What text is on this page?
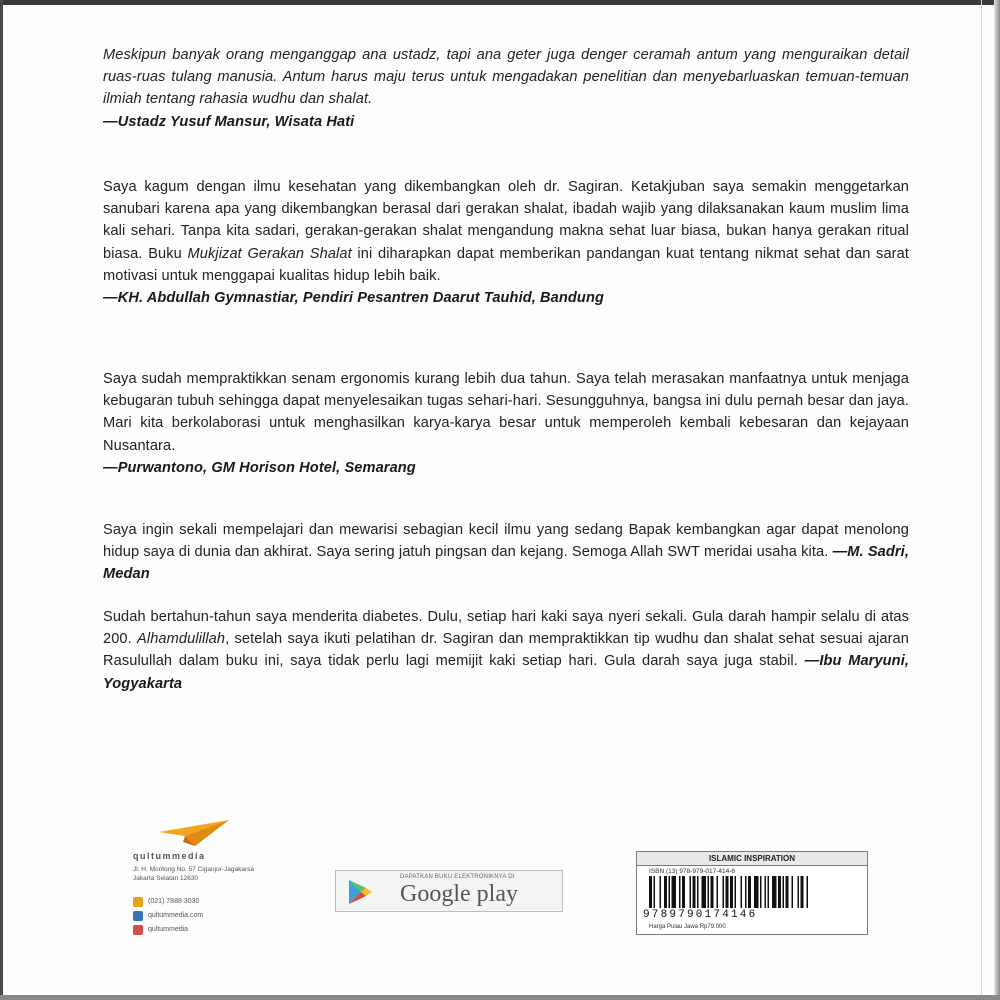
Meskipun banyak orang menganggap ana ustadz, tapi ana geter juga denger ceramah antum yang menguraikan detail ruas-ruas tulang manusia. Antum harus maju terus untuk mengadakan penelitian dan menyebarluaskan temuan-temuan ilmiah tentang rahasia wudhu dan shalat.

—Ustadz Yusuf Mansur, Wisata Hati

Saya kagum dengan ilmu kesehatan yang dikembangkan oleh dr. Sagiran. Ketakjuban saya semakin menggetarkan sanubari karena apa yang dikembangkan berasal dari gerakan shalat, ibadah wajib yang dilaksanakan kaum muslim lima kali sehari. Tanpa kita sadari, gerakan-gerakan shalat mengandung makna sehat luar biasa, bukan hanya gerakan ritual biasa. Buku Mukjizat Gerakan Shalat ini diharapkan dapat memberikan pandangan kuat tentang nikmat sehat dan sarat motivasi untuk menggapai kualitas hidup lebih baik.

—KH. Abdullah Gymnastiar, Pendiri Pesantren Daarut Tauhid, Bandung

Saya sudah mempraktikkan senam ergonomis kurang lebih dua tahun. Saya telah merasakan manfaatnya untuk menjaga kebugaran tubuh sehingga dapat menyelesaikan tugas sehari-hari. Sesungguhnya, bangsa ini dulu pernah besar dan jaya. Mari kita berkolaborasi untuk menghasilkan karya-karya besar untuk memperoleh kembali kebesaran dan kejayaan Nusantara.

—Purwantono, GM Horison Hotel, Semarang

Saya ingin sekali mempelajari dan mewarisi sebagian kecil ilmu yang sedang Bapak kembangkan agar dapat menolong hidup saya di dunia dan akhirat. Saya sering jatuh pingsan dan kejang. Semoga Allah SWT meridai usaha kita. —M. Sadri, Medan

Sudah bertahun-tahun saya menderita diabetes. Dulu, setiap hari kaki saya nyeri sekali. Gula darah hampir selalu di atas 200. Alhamdulillah, setelah saya ikuti pelatihan dr. Sagiran dan mempraktikkan tip wudhu dan shalat sehat sesuai ajaran Rasulullah dalam buku ini, saya tidak perlu lagi memijit kaki setiap hari. Gula darah saya juga stabil. —Ibu Maryuni, Yogyakarta

qultummedia
Jl. H. Montong No. 57 Ciganjur-Jagakarsa Jakarta Selatan 12630
(021) 7888 3030
qultummedia.com
qultummedia
DAPATKAN BUKU ELEKTRONIKNYA DI
Google play
ISLAMIC INSPIRATION
ISBN (13) 978-979-017-414-6
9789790174146
Harga Pulau Jawa Rp79.000
